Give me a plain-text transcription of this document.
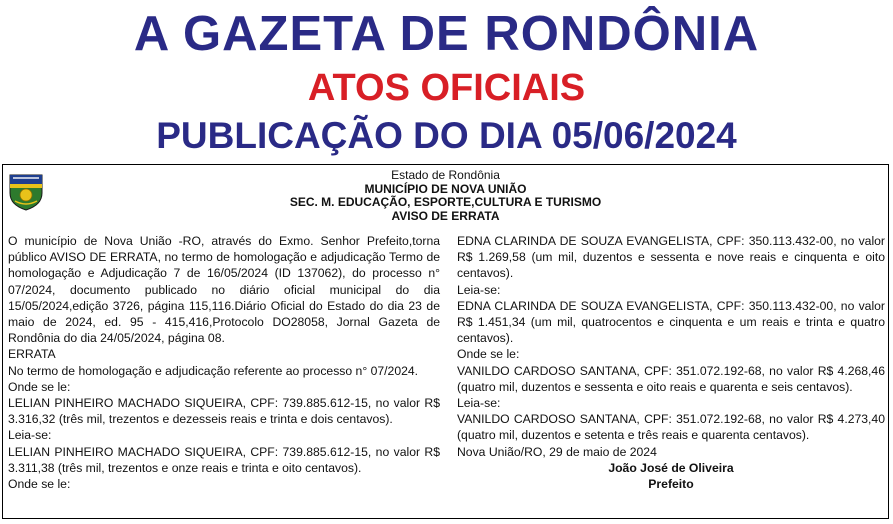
A GAZETA DE RONDÔNIA
ATOS OFICIAIS
PUBLICAÇÃO DO DIA 05/06/2024
Estado de Rondônia
MUNICÍPIO DE NOVA UNIÃO
SEC. M. EDUCAÇÃO, ESPORTE,CULTURA E TURISMO
AVISO DE ERRATA

O município de Nova União -RO, através do Exmo. Senhor Prefeito,torna público AVISO DE ERRATA, no termo de homologação e adjudicação Termo de homologação e Adjudicação 7 de 16/05/2024 (ID 137062), do processo n° 07/2024, documento publicado no diário oficial municipal do dia 15/05/2024,edição 3726, página 115,116.Diário Oficial do Estado do dia 23 de maio de 2024, ed. 95 - 415,416,Protocolo DO28058, Jornal Gazeta de Rondônia do dia 24/05/2024, página 08.

ERRATA

No termo de homologação e adjudicação referente ao processo n° 07/2024.

Onde se le:

LELIAN PINHEIRO MACHADO SIQUEIRA, CPF: 739.885.612-15, no valor R$ 3.316,32 (três mil, trezentos e dezesseis reais e trinta e dois centavos).

Leia-se:

LELIAN PINHEIRO MACHADO SIQUEIRA, CPF: 739.885.612-15, no valor R$ 3.311,38 (três mil, trezentos e onze reais e trinta e oito centavos).

Onde se le:

EDNA CLARINDA DE SOUZA EVANGELISTA, CPF: 350.113.432-00, no valor R$ 1.269,58 (um mil, duzentos e sessenta e nove reais e cinquenta e oito centavos).

Leia-se:

EDNA CLARINDA DE SOUZA EVANGELISTA, CPF: 350.113.432-00, no valor R$ 1.451,34 (um mil, quatrocentos e cinquenta e um reais e trinta e quatro centavos).

Onde se le:

VANILDO CARDOSO SANTANA, CPF: 351.072.192-68, no valor R$ 4.268,46 (quatro mil, duzentos e sessenta e oito reais e quarenta e seis centavos).

Leia-se:

VANILDO CARDOSO SANTANA, CPF: 351.072.192-68, no valor R$ 4.273,40 (quatro mil, duzentos e setenta e três reais e quarenta centavos).

Nova União/RO, 29 de maio de 2024

João José de Oliveira

Prefeito
